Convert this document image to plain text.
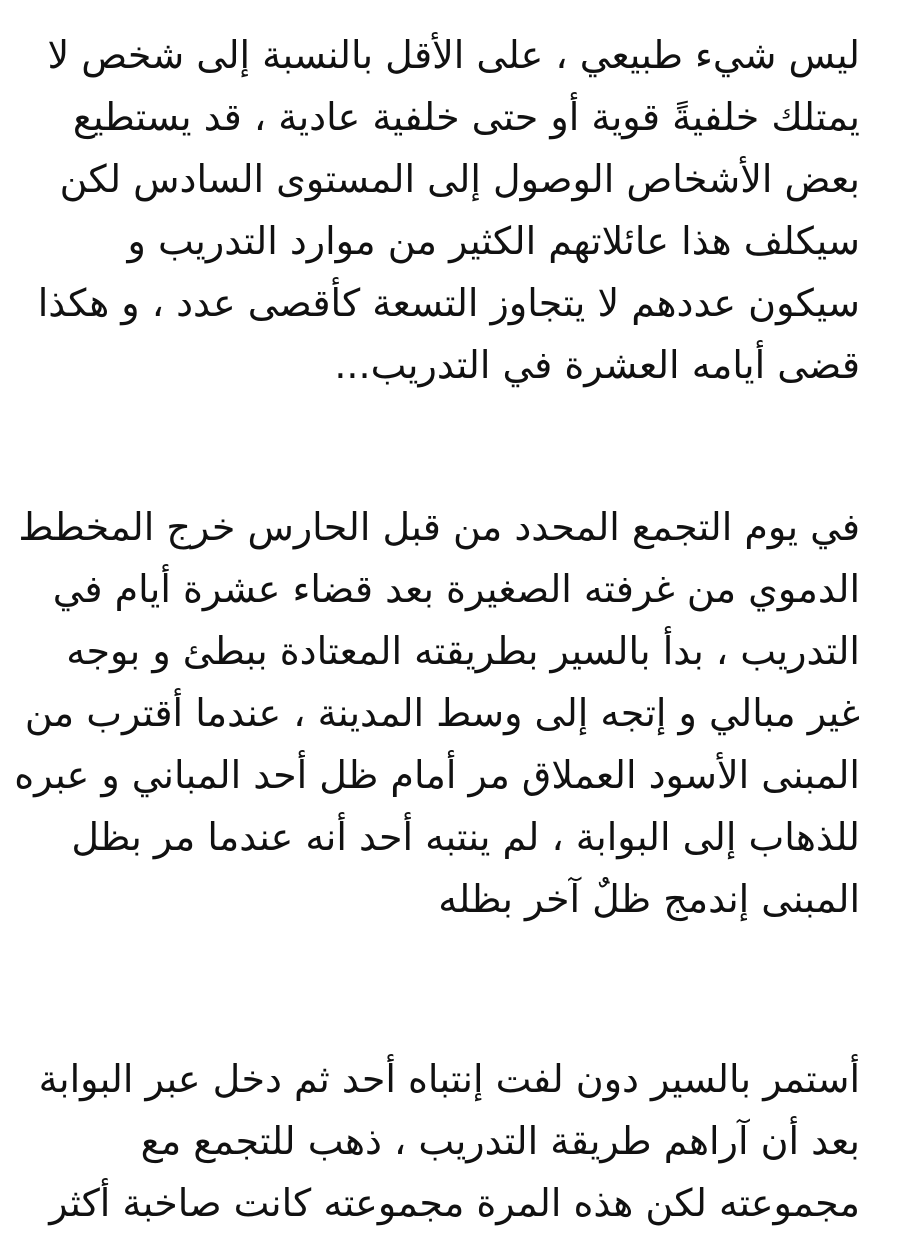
ليس شيء طبيعي ، على الأقل بالنسبة إلى شخص لا
يمتلك خلفيةً قوية أو حتى خلفية عادية ، قد يستطيع
بعض الأشخاص الوصول إلى المستوى السادس لكن
سيكلف هذا عائلاتهم الكثير من موارد التدريب و
سيكون عددهم لا يتجاوز التسعة كأقصى عدد ، و هكذا
قضى أيامه العشرة في التدريب...
في يوم التجمع المحدد من قبل الحارس خرج المخطط
الدموي من غرفته الصغيرة بعد قضاء عشرة أيام في
التدريب ، بدأ بالسير بطريقته المعتادة ببطئ و بوجه
غير مبالي و إتجه إلى وسط المدينة ، عندما أقترب من
المبنى الأسود العملاق مر أمام ظل أحد المباني و عبره
للذهاب إلى البوابة ، لم ينتبه أحد أنه عندما مر بظل
المبنى إندمج ظلٌ آخر بظله
أستمر بالسير دون لفت إنتباه أحد ثم دخل عبر البوابة
بعد أن آراهم طريقة التدريب ، ذهب للتجمع مع
مجموعته لكن هذه المرة مجموعته كانت صاخبة أكثر
